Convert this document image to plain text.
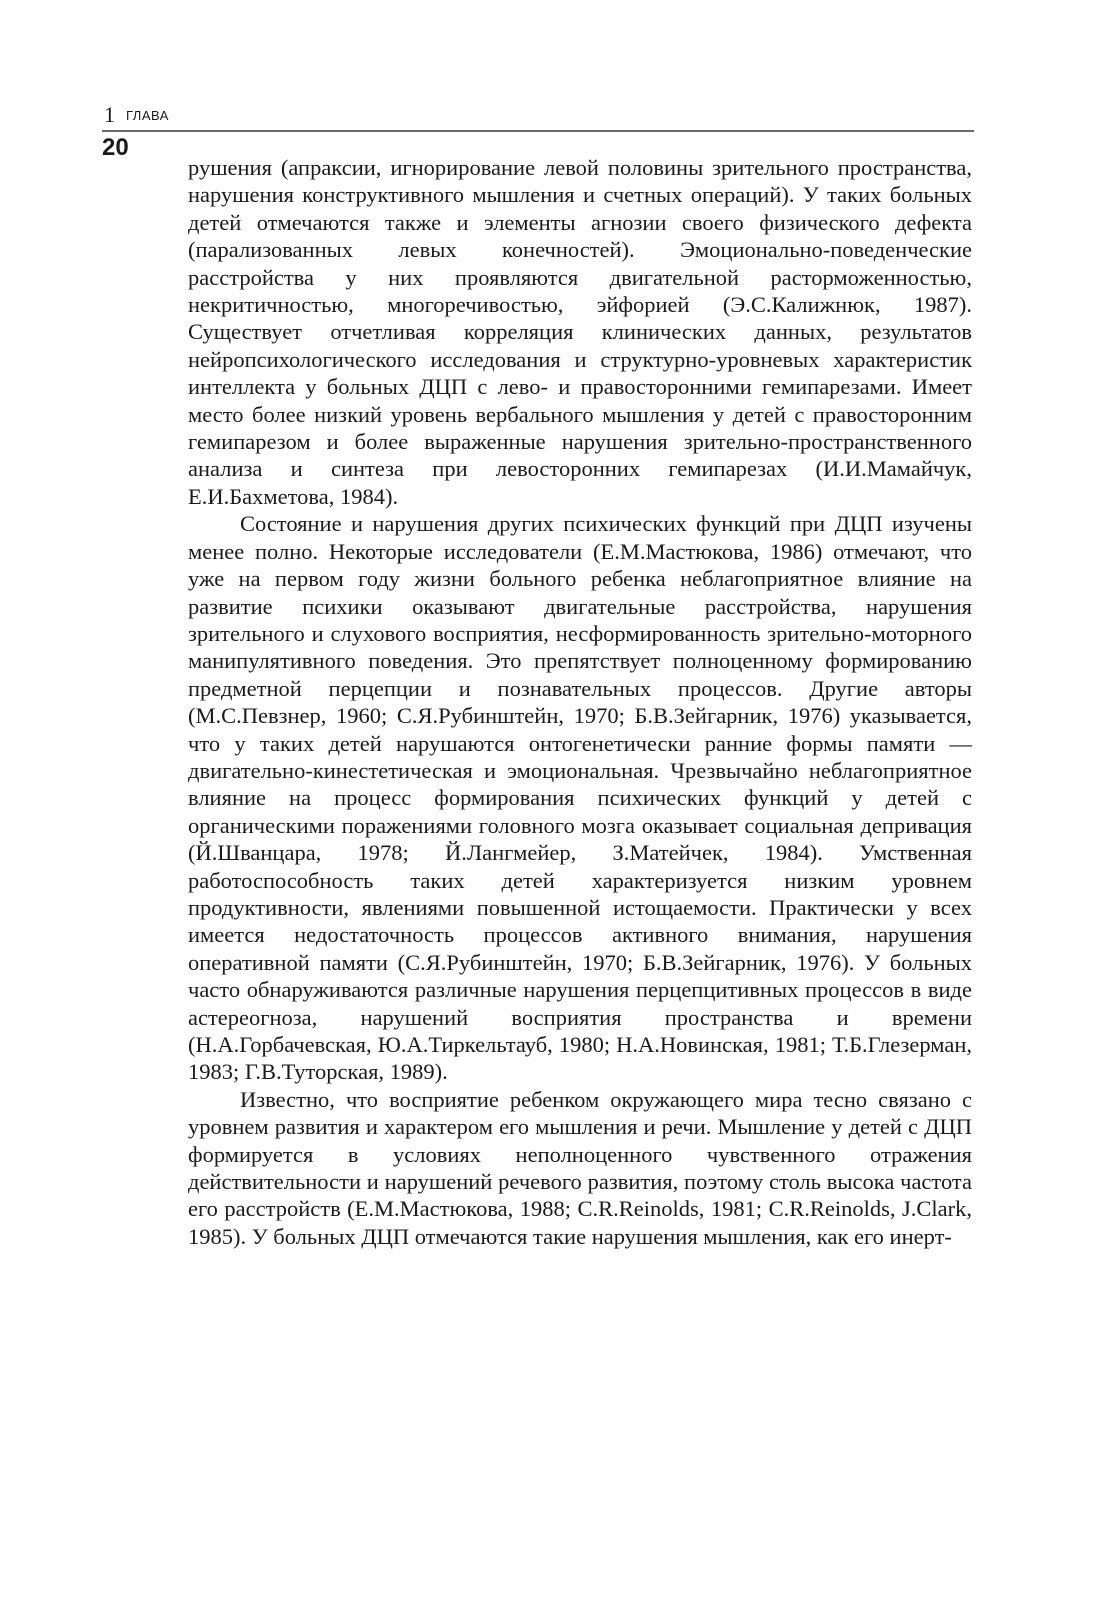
1 ГЛАВА
20

рушения (апраксии, игнорирование левой половины зрительного пространства, нарушения конструктивного мышления и счетных операций). У таких больных детей отмечаются также и элементы агнозии своего физического дефекта (парализованных левых конечностей). Эмоционально-поведенческие расстройства у них проявляются двигательной расторможенностью, некритичностью, многоречивостью, эйфорией (Э.С.Калижнюк, 1987). Существует отчетливая корреляция клинических данных, результатов нейропсихологического исследования и структурно-уровневых характеристик интеллекта у больных ДЦП с лево- и правосторонними гемипарезами. Имеет место более низкий уровень вербального мышления у детей с правосторонним гемипарезом и более выраженные нарушения зрительно-пространственного анализа и синтеза при левосторонних гемипарезах (И.И.Мамайчук, Е.И.Бахметова, 1984).

Состояние и нарушения других психических функций при ДЦП изучены менее полно. Некоторые исследователи (Е.М.Мастюкова, 1986) отмечают, что уже на первом году жизни больного ребенка неблагоприятное влияние на развитие психики оказывают двигательные расстройства, нарушения зрительного и слухового восприятия, несформированность зрительно-моторного манипулятивного поведения. Это препятствует полноценному формированию предметной перцепции и познавательных процессов. Другие авторы (М.С.Певзнер, 1960; С.Я.Рубинштейн, 1970; Б.В.Зейгарник, 1976) указывается, что у таких детей нарушаются онтогенетически ранние формы памяти — двигательно-кинестетическая и эмоциональная. Чрезвычайно неблагоприятное влияние на процесс формирования психических функций у детей с органическими поражениями головного мозга оказывает социальная депривация (Й.Шванцара, 1978; Й.Лангмейер, З.Матейчек, 1984). Умственная работоспособность таких детей характеризуется низким уровнем продуктивности, явлениями повышенной истощаемости. Практически у всех имеется недостаточность процессов активного внимания, нарушения оперативной памяти (С.Я.Рубинштейн, 1970; Б.В.Зейгарник, 1976). У больных часто обнаруживаются различные нарушения перцепцитивных процессов в виде астереогноза, нарушений восприятия пространства и времени (Н.А.Горбачевская, Ю.А.Тиркельтауб, 1980; Н.А.Новинская, 1981; Т.Б.Глезерман, 1983; Г.В.Туторская, 1989).

Известно, что восприятие ребенком окружающего мира тесно связано с уровнем развития и характером его мышления и речи. Мышление у детей с ДЦП формируется в условиях неполноценного чувственного отражения действительности и нарушений речевого развития, поэтому столь высока частота его расстройств (Е.М.Мастюкова, 1988; C.R.Reinolds, 1981; C.R.Reinolds, J.Clark, 1985). У больных ДЦП отмечаются такие нарушения мышления, как его инерт-
